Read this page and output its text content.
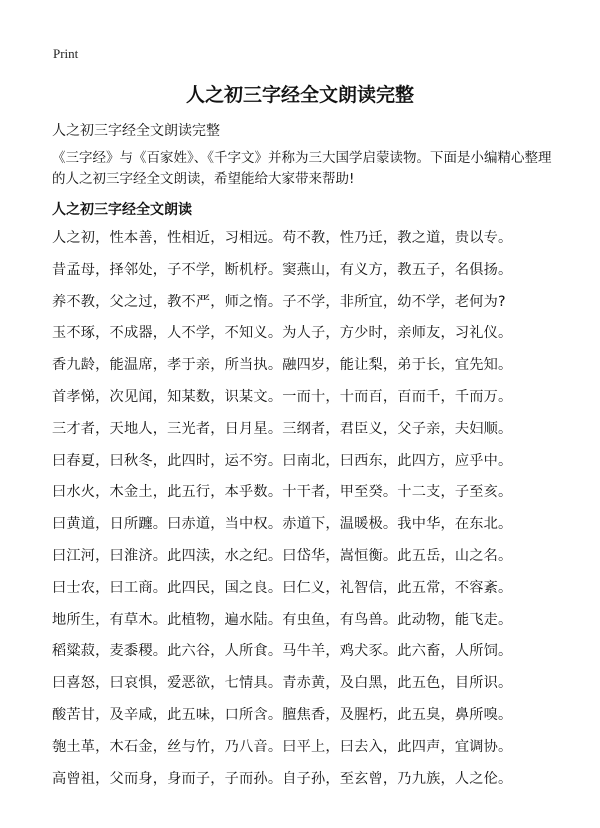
Print
人之初三字经全文朗读完整

人之初三字经全文朗读完整

《三字经》与《百家姓》、《千字文》并称为三大国学启蒙读物。下面是小编精心整理的人之初三字经全文朗读，希望能给大家带来帮助!

人之初三字经全文朗读
人之初，性本善，性相近，习相远。苟不教，性乃迁，教之道，贵以专。
昔孟母，择邻处，子不学，断机杼。窦燕山，有义方，教五子，名俱扬。
养不教，父之过，教不严，师之惰。子不学，非所宜，幼不学，老何为?
玉不琢，不成器，人不学，不知义。为人子，方少时，亲师友，习礼仪。
香九龄，能温席，孝于亲，所当执。融四岁，能让梨，弟于长，宜先知。
首孝悌，次见闻，知某数，识某文。一而十，十而百，百而千，千而万。
三才者，天地人，三光者，日月星。三纲者，君臣义，父子亲，夫妇顺。
曰春夏，曰秋冬，此四时，运不穷。曰南北，曰西东，此四方，应乎中。
曰水火，木金土，此五行，本乎数。十干者，甲至癸。十二支，子至亥。
曰黄道，日所躔。曰赤道，当中权。赤道下，温暖极。我中华，在东北。
曰江河，曰淮济。此四渎，水之纪。曰岱华，嵩恒衡。此五岳，山之名。
曰士农，曰工商。此四民，国之良。曰仁义，礼智信，此五常，不容紊。
地所生，有草木。此植物，遍水陆。有虫鱼，有鸟兽。此动物，能飞走。
稻粱菽，麦黍稷。此六谷，人所食。马牛羊，鸡犬豕。此六畜，人所饲。
曰喜怒，曰哀惧，爱恶欲，七情具。青赤黄，及白黑，此五色，目所识。
酸苦甘，及辛咸，此五味，口所含。膻焦香，及腥朽，此五臭，鼻所嗅。
匏土革，木石金，丝与竹，乃八音。曰平上，曰去入，此四声，宜调协。
高曾祖，父而身，身而子，子而孙。自子孙，至玄曾，乃九族，人之伦。
